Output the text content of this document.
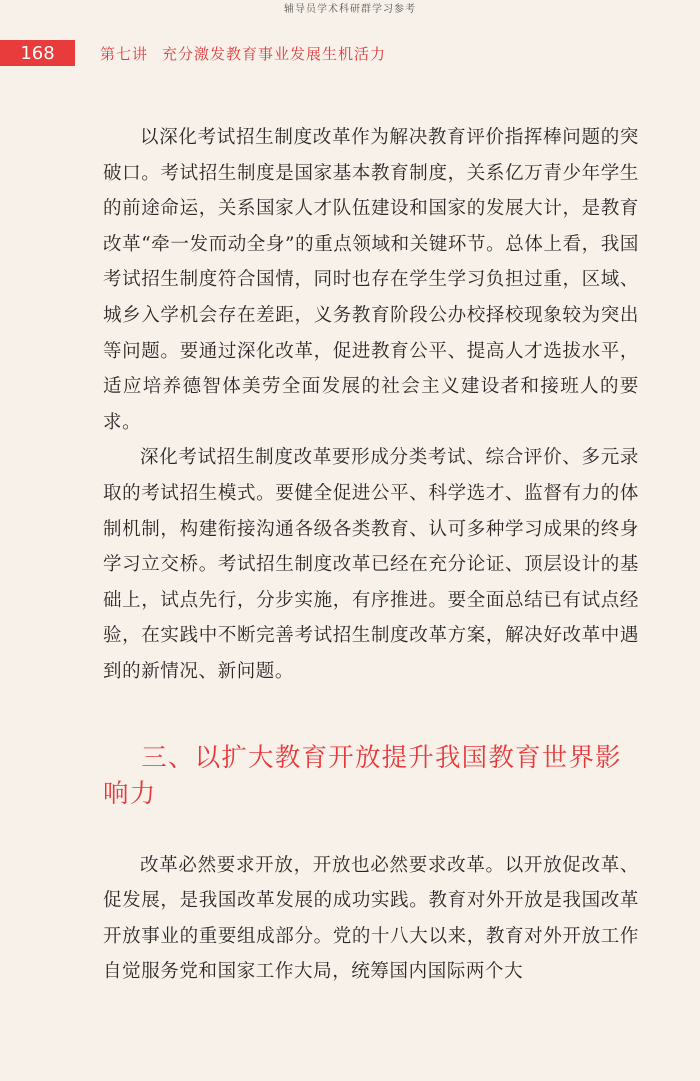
辅导员学术科研群学习参考
168	第七讲 充分激发教育事业发展生机活力

以深化考试招生制度改革作为解决教育评价指挥棒问题的突破口。考试招生制度是国家基本教育制度，关系亿万青少年学生的前途命运，关系国家人才队伍建设和国家的发展大计，是教育改革“牵一发而动全身”的重点领域和关键环节。总体上看，我国考试招生制度符合国情，同时也存在学生学习负担过重，区域、城乡入学机会存在差距，义务教育阶段公办校择校现象较为突出等问题。要通过深化改革，促进教育公平、提高人才选拔水平，适应培养德智体美劳全面发展的社会主义建设者和接班人的要求。

深化考试招生制度改革要形成分类考试、综合评价、多元录取的考试招生模式。要健全促进公平、科学选才、监督有力的体制机制，构建衔接沟通各级各类教育、认可多种学习成果的终身学习立交桥。考试招生制度改革已经在充分论证、顶层设计的基础上，试点先行，分步实施，有序推进。要全面总结已有试点经验，在实践中不断完善考试招生制度改革方案，解决好改革中遇到的新情况、新问题。

三、以扩大教育开放提升我国教育世界影响力

改革必然要求开放，开放也必然要求改革。以开放促改革、促发展，是我国改革发展的成功实践。教育对外开放是我国改革开放事业的重要组成部分。党的十八大以来，教育对外开放工作自觉服务党和国家工作大局，统筹国内国际两个大
